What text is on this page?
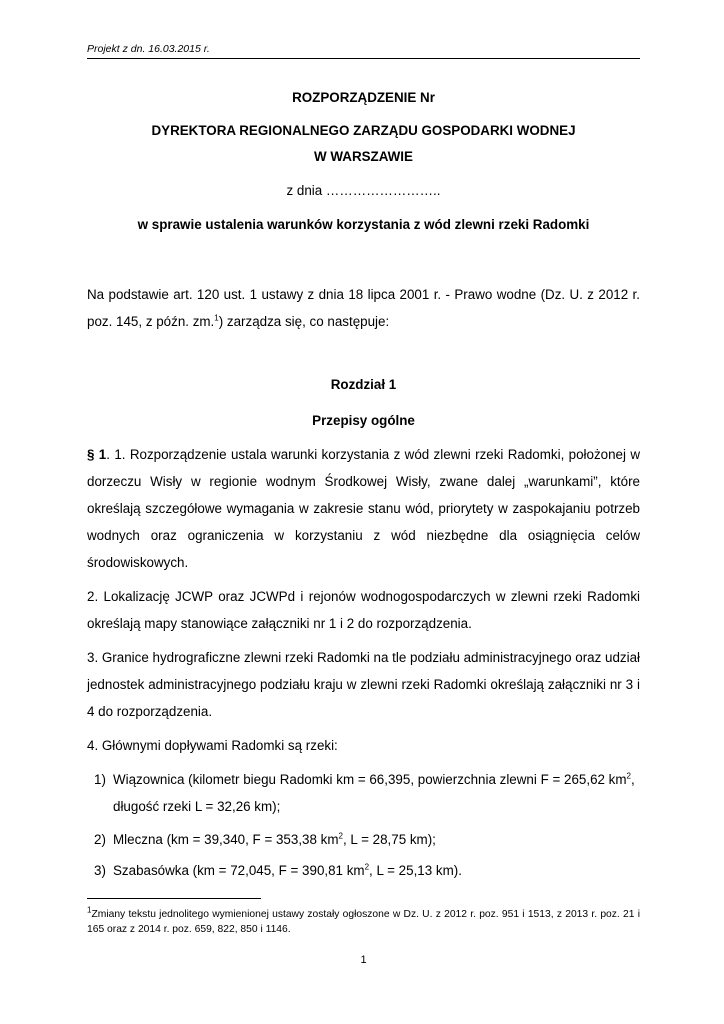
Projekt z dn. 16.03.2015 r.
ROZPORZĄDZENIE Nr
DYREKTORA REGIONALNEGO ZARZĄDU GOSPODARKI WODNEJ
W WARSZAWIE
z dnia ……………………..
w sprawie ustalenia warunków korzystania z wód zlewni rzeki Radomki
Na podstawie art. 120 ust. 1 ustawy z dnia 18 lipca 2001 r. - Prawo wodne (Dz. U. z 2012 r. poz. 145, z późn. zm.$^1$) zarządza się, co następuje:
Rozdział 1
Przepisy ogólne
§ 1. 1. Rozporządzenie ustala warunki korzystania z wód zlewni rzeki Radomki, położonej w dorzeczu Wisły w regionie wodnym Środkowej Wisły, zwane dalej „warunkami”, które określają szczegółowe wymagania w zakresie stanu wód, priorytety w zaspokajaniu potrzeb wodnych oraz ograniczenia w korzystaniu z wód niezbędne dla osiągnięcia celów środowiskowych.
2. Lokalizację JCWP oraz JCWPd i rejonów wodnogospodarczych w zlewni rzeki Radomki określają mapy stanowiące załączniki nr 1 i 2 do rozporządzenia.
3. Granice hydrograficzne zlewni rzeki Radomki na tle podziału administracyjnego oraz udział jednostek administracyjnego podziału kraju w zlewni rzeki Radomki określają załączniki nr 3 i 4 do rozporządzenia.
4. Głównymi dopływami Radomki są rzeki:
1) Wiązownica (kilometr biegu Radomki km = 66,395, powierzchnia zlewni F = 265,62 $km^2$,
długość rzeki L = 32,26 km);
2) Mleczna (km = 39,340, F = 353,38 $km^2$, L = 28,75 km);
3) Szabasówka (km = 72,045, F = 390,81 $km^2$, L = 25,13 km).
$^1$Zmiany tekstu jednolitego wymienionej ustawy zostały ogłoszone w Dz. U. z 2012 r. poz. 951 i 1513, z 2013 r. poz. 21 i 165 oraz z 2014 r. poz. 659, 822, 850 i 1146.
1
